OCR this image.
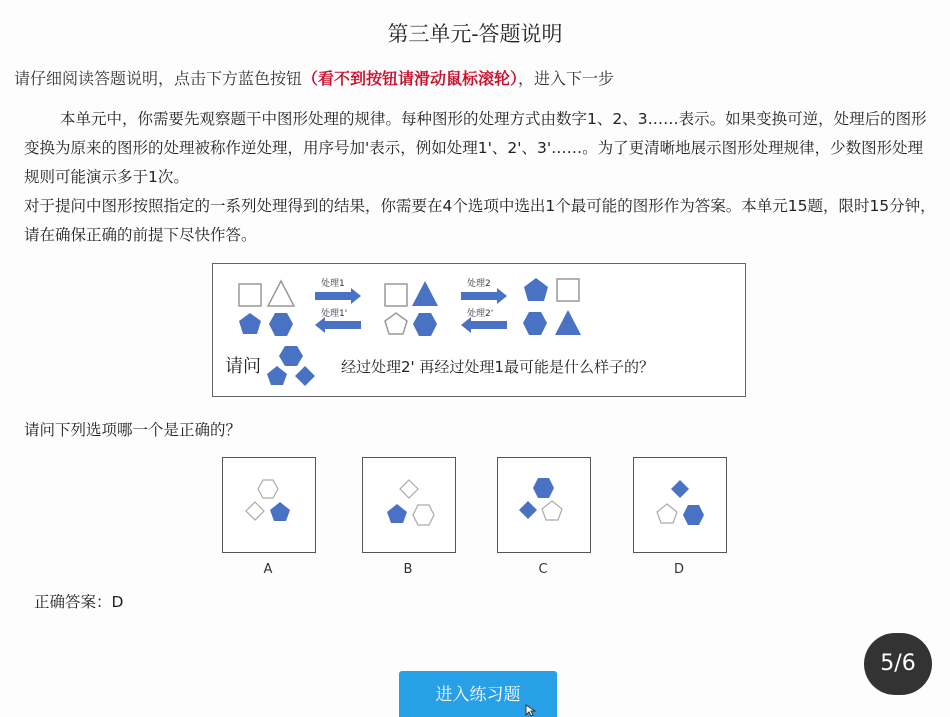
第三单元-答题说明
请仔细阅读答题说明，点击下方蓝色按钮（看不到按钮请滑动鼠标滚轮），进入下一步
本单元中，你需要先观察题干中图形处理的规律。每种图形的处理方式由数字1、2、3……表示。如果变换可逆，处理后的图形变换为原来的图形的处理被称作逆处理，用序号加'表示，例如处理1'、2'、3'……。为了更清晰地展示图形处理规律，少数图形处理规则可能演示多于1次。
对于提问中图形按照指定的一系列处理得到的结果，你需要在4个选项中选出1个最可能的图形作为答案。本单元15题，限时15分钟，请在确保正确的前提下尽快作答。
处理1
处理1'
处理2
处理2'
请问	经过处理2' 再经过处理1最可能是什么样子的？
请问下列选项哪一个是正确的？
A	B	C	D
正确答案：D
5/6
进入练习题
